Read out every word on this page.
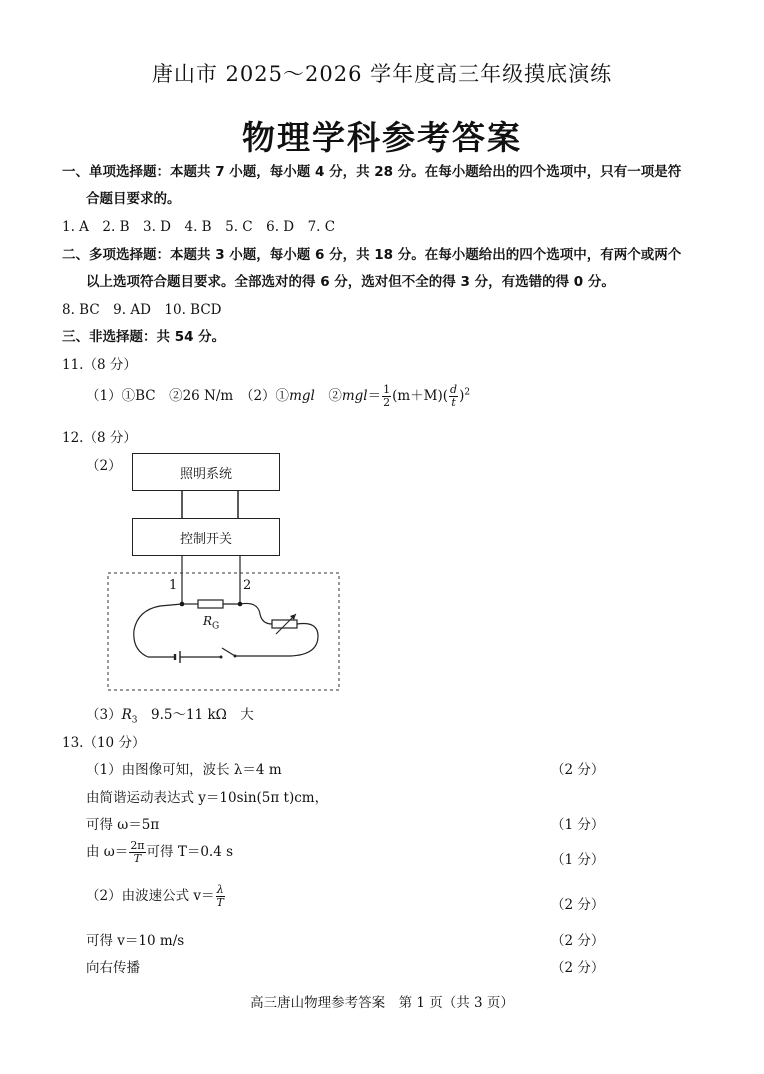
唐山市 2025～2026 学年度高三年级摸底演练
物理学科参考答案
一、单项选择题：本题共 7 小题，每小题 4 分，共 28 分。在每小题给出的四个选项中，只有一项是符
合题目要求的。
1. A　2. B　3. D　4. B　5. C　6. D　7. C
二、多项选择题：本题共 3 小题，每小题 6 分，共 18 分。在每小题给出的四个选项中，有两个或两个
以上选项符合题目要求。全部选对的得 6 分，选对但不全的得 3 分，有选错的得 0 分。
8. BC　9. AD　10. BCD
三、非选择题：共 54 分。
11.（8 分）
（1）①BC　②26 N/m　（2）①mgl　 ②mgl＝ $\frac{1}{2} (m+M)( \frac{d}{t} )^2$
12.（8 分）
（2）	照明系统
控制开关
1	2
$R_G$
$(3)R_3$　9.5～11 kΩ　大
13.（10 分）
（1）由图像可知，波长 λ＝4 m	（2 分）
由简谐运动表达式 y＝10sin(5π t)cm，
可得 ω＝5π	（1 分）
由 $\omega= \frac{2\pi}{T}$ 可得 T＝0.4 s	（1 分）
（2）由波速公式 $v= \frac{\lambda}{T}$	（2 分）
可得 v＝10 m/s	（2 分）
向右传播	（2 分）
高三唐山物理参考答案　第 1 页（共 3 页）
